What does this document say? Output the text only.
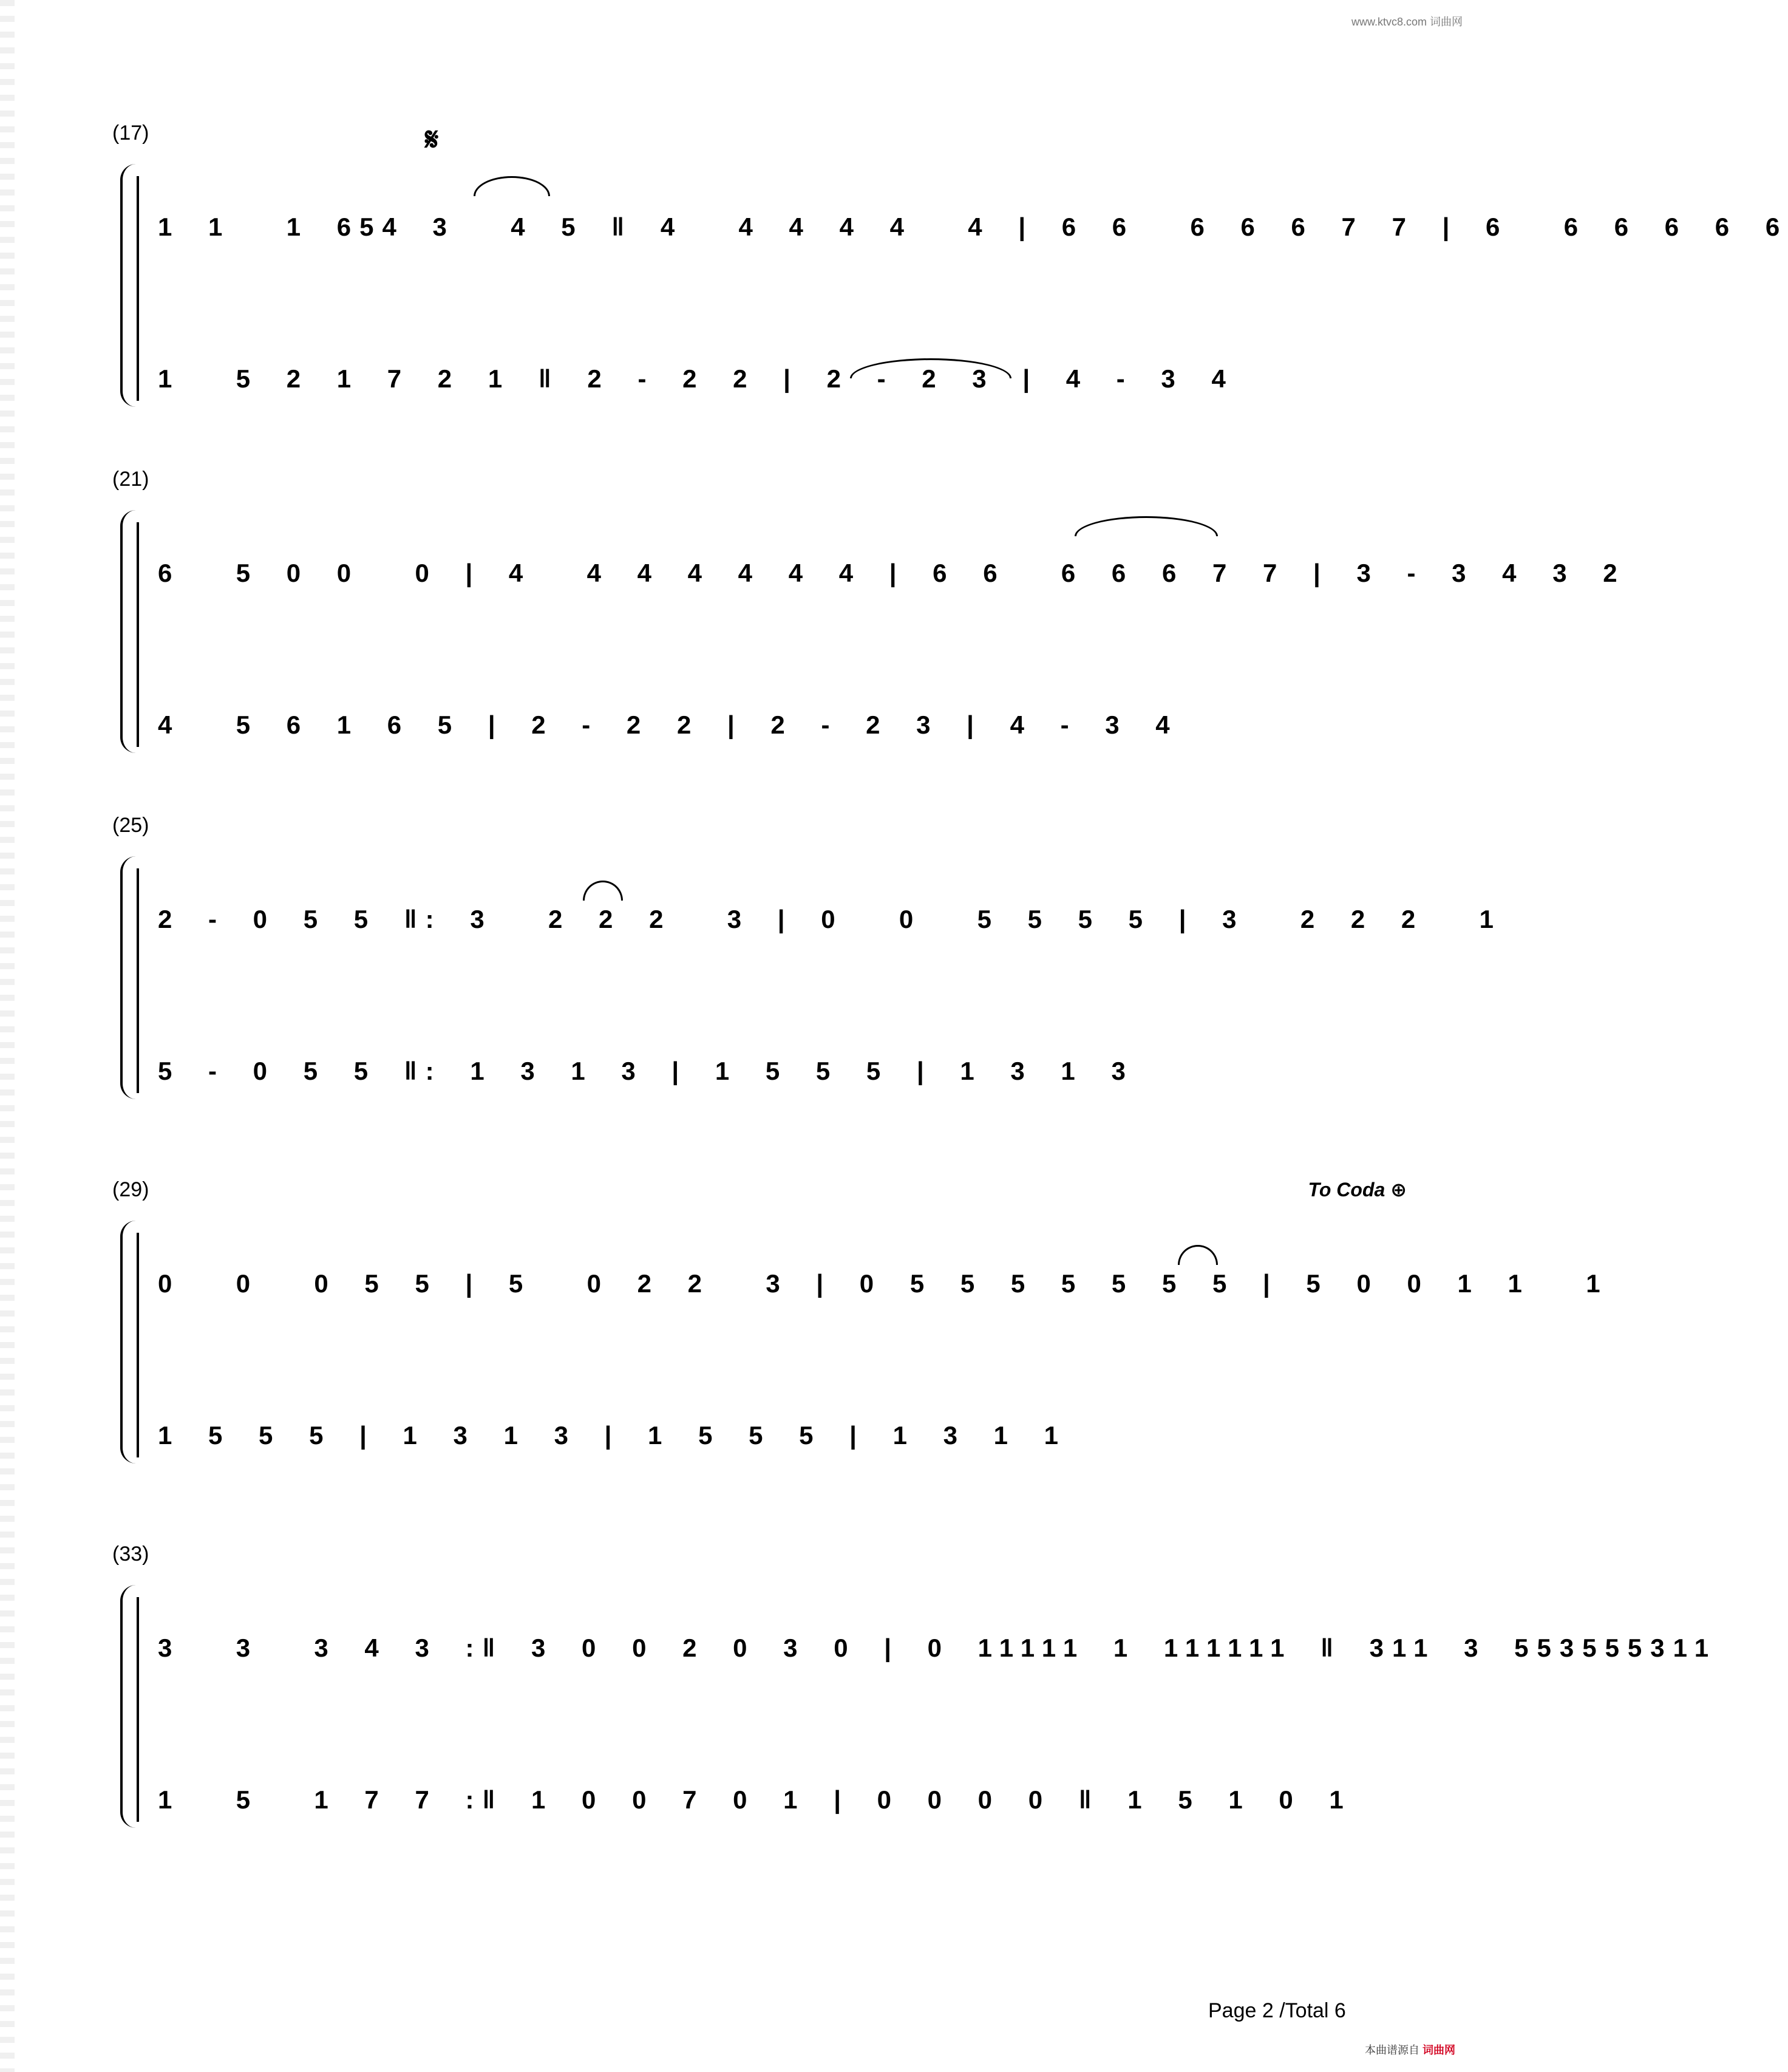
www.ktvc8.com 词曲网
(17)	𝄋
1 1  1 654 3  4 5 ‖ 4  4 4 4 4  4 | 6 6  6 6 6 7 7 | 6  6 6 6 6 6
1  5 2 1 7 2 1 ‖ 2 - 2 2 | 2 - 2 3 | 4 - 3 4
(21)
6  5 0 0  0 | 4  4 4 4 4 4 4 | 6 6  6 6 6 7 7 | 3 - 3 4 3 2
4  5 6 1 6 5 | 2 - 2 2 | 2 - 2 3 | 4 - 3 4
(25)
2 - 0 5 5 ‖: 3  2 2 2  3 | 0  0  5 5 5 5 | 3  2 2 2  1
5 - 0 5 5 ‖: 1 3 1 3 | 1 5 5 5 | 1 3 1 3
(29)	To Coda ⊕
0  0  0 5 5 | 5  0 2 2  3 | 0 5 5 5 5 5 5 5 | 5 0 0 1 1  1
1 5 5 5 | 1 3 1 3 | 1 5 5 5 | 1 3 1 1
(33)
3  3  3 4 3 :‖ 3 0 0 2 0 3 0 | 0 11111 1 111111 ‖ 311 3 553555311
1  5  1 7 7 :‖ 1 0 0 7 0 1 | 0 0 0 0 ‖ 1 5 1 0 1
Page 2 /Total 6
本曲谱源自 词曲网
